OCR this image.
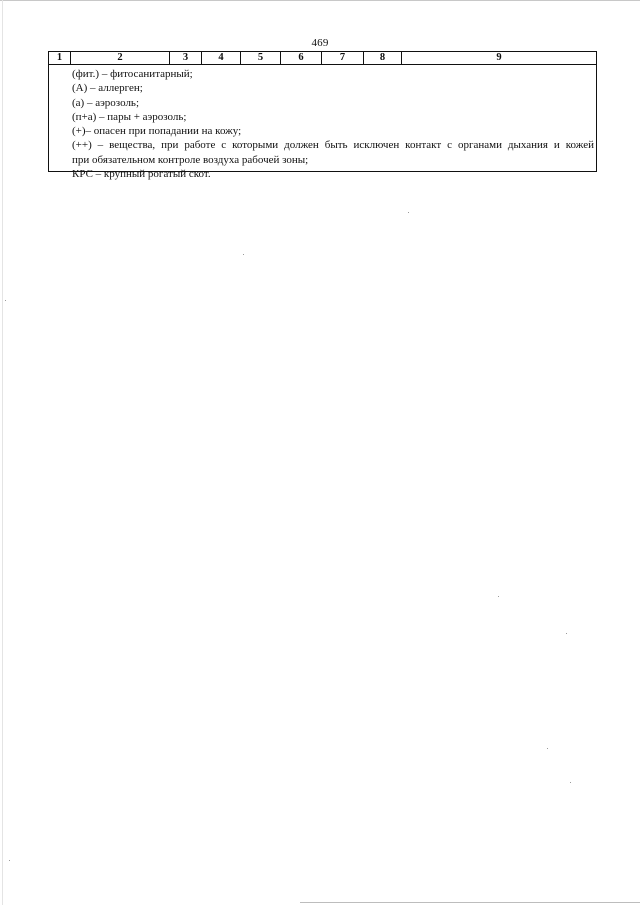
469
1	2	3	4	5	6	7	8	9
(фит.) – фитосанитарный;
(А) – аллерген;
(а) – аэрозоль;
(п+а) – пары + аэрозоль;
(+)– опасен при попадании на кожу;
(++) – вещества, при работе с которыми должен быть исключен контакт с органами дыхания и кожей
при обязательном контроле воздуха рабочей зоны;
КРС – крупный рогатый скот.
